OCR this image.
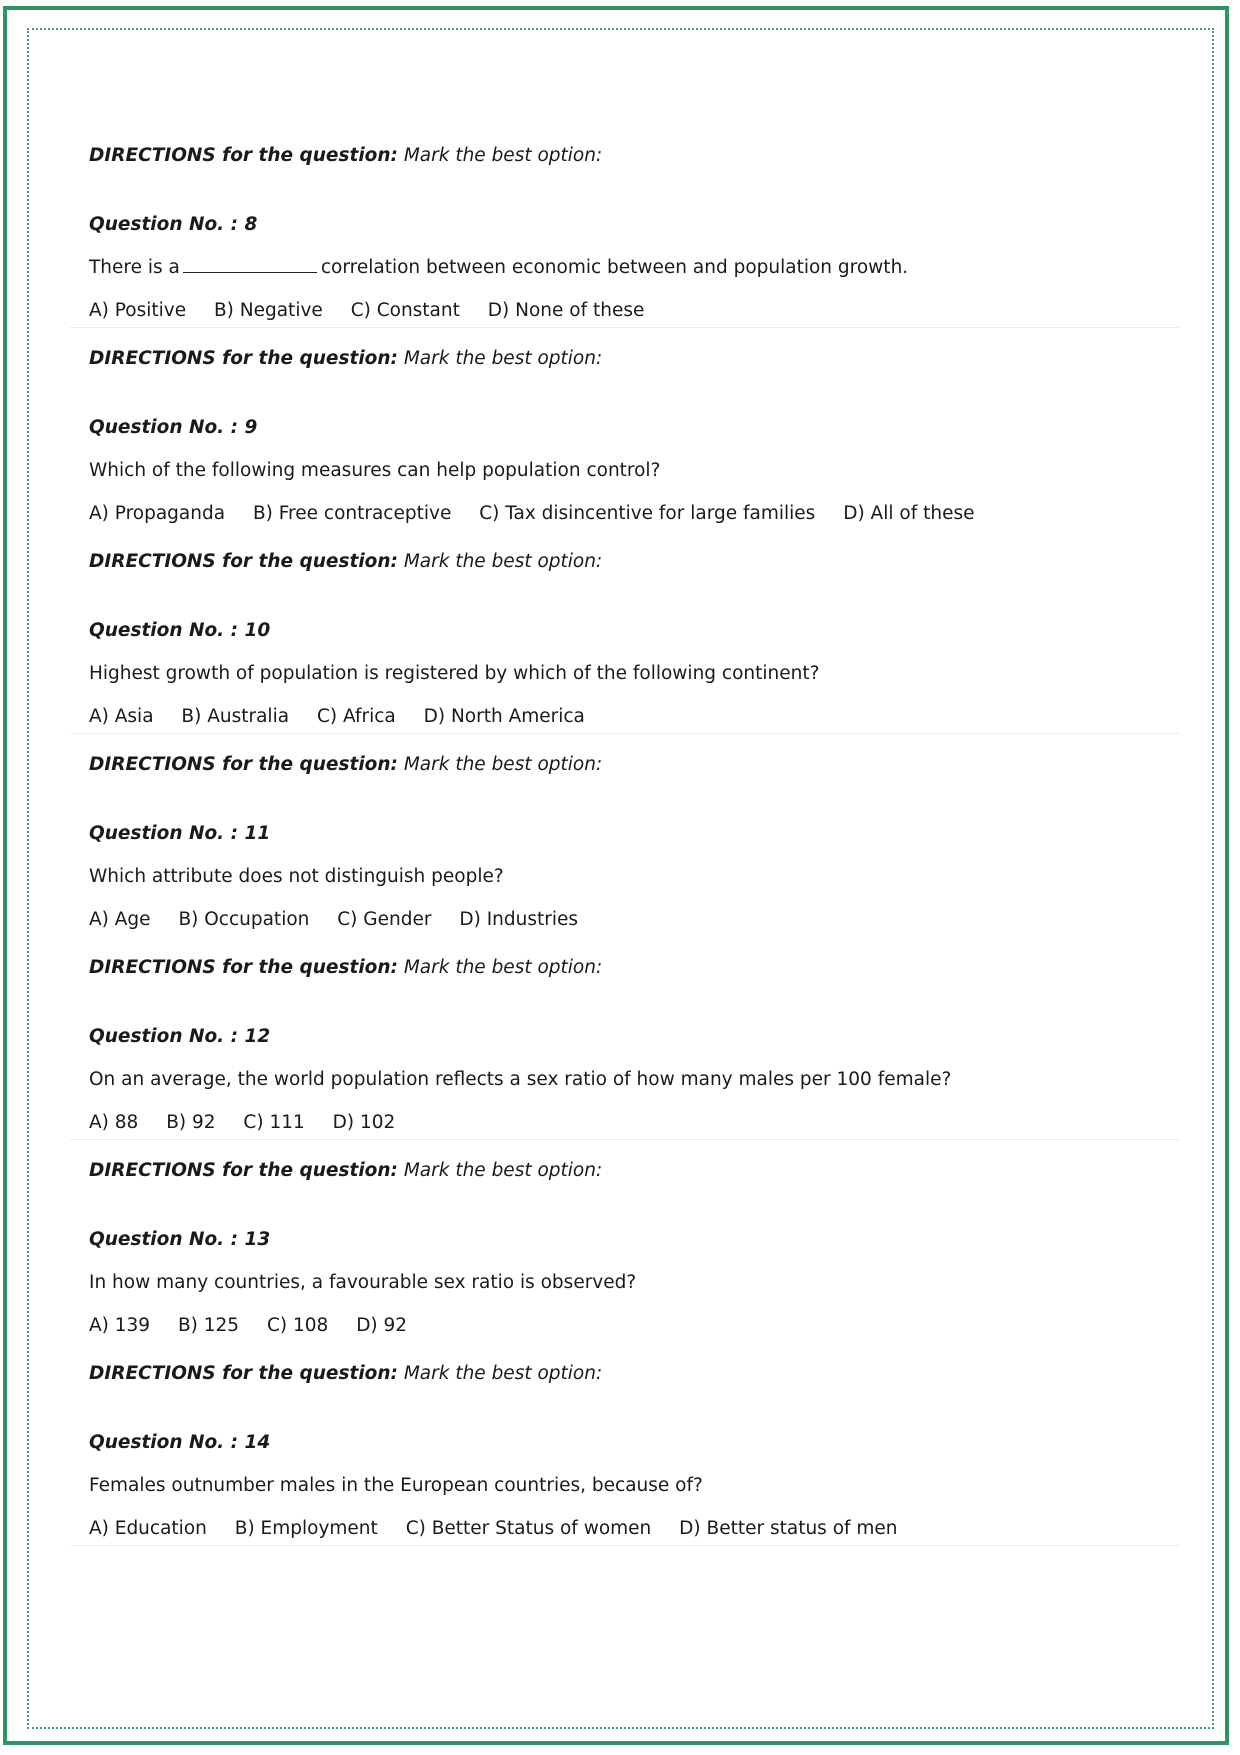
DIRECTIONS for the question: Mark the best option:
Question No. : 8
There is a	correlation between economic between and population growth.
A) Positive B) Negative C) Constant D) None of these
DIRECTIONS for the question: Mark the best option:
Question No. : 9
Which of the following measures can help population control?
A) Propaganda B) Free contraceptive C) Tax disincentive for large families D) All of these
DIRECTIONS for the question: Mark the best option:
Question No. : 10
Highest growth of population is registered by which of the following continent?
A) Asia B) Australia C) Africa D) North America
DIRECTIONS for the question: Mark the best option:
Question No. : 11
Which attribute does not distinguish people?
A) Age B) Occupation C) Gender D) Industries
DIRECTIONS for the question: Mark the best option:
Question No. : 12
On an average, the world population reflects a sex ratio of how many males per 100 female?
A) 88 B) 92 C) 111 D) 102
DIRECTIONS for the question: Mark the best option:
Question No. : 13
In how many countries, a favourable sex ratio is observed?
A) 139 B) 125 C) 108 D) 92
DIRECTIONS for the question: Mark the best option:
Question No. : 14
Females outnumber males in the European countries, because of?
A) Education B) Employment C) Better Status of women D) Better status of men
